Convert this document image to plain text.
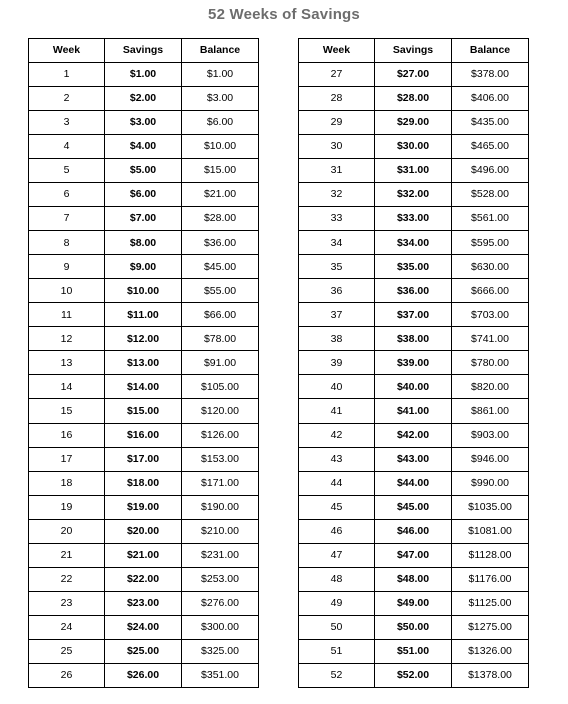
52 Weeks of Savings
Week	Savings	Balance
1	$1.00	$1.00
2	$2.00	$3.00
3	$3.00	$6.00
4	$4.00	$10.00
5	$5.00	$15.00
6	$6.00	$21.00
7	$7.00	$28.00
8	$8.00	$36.00
9	$9.00	$45.00
10	$10.00	$55.00
11	$11.00	$66.00
12	$12.00	$78.00
13	$13.00	$91.00
14	$14.00	$105.00
15	$15.00	$120.00
16	$16.00	$126.00
17	$17.00	$153.00
18	$18.00	$171.00
19	$19.00	$190.00
20	$20.00	$210.00
21	$21.00	$231.00
22	$22.00	$253.00
23	$23.00	$276.00
24	$24.00	$300.00
25	$25.00	$325.00
26	$26.00	$351.00
Week	Savings	Balance
27	$27.00	$378.00
28	$28.00	$406.00
29	$29.00	$435.00
30	$30.00	$465.00
31	$31.00	$496.00
32	$32.00	$528.00
33	$33.00	$561.00
34	$34.00	$595.00
35	$35.00	$630.00
36	$36.00	$666.00
37	$37.00	$703.00
38	$38.00	$741.00
39	$39.00	$780.00
40	$40.00	$820.00
41	$41.00	$861.00
42	$42.00	$903.00
43	$43.00	$946.00
44	$44.00	$990.00
45	$45.00	$1035.00
46	$46.00	$1081.00
47	$47.00	$1128.00
48	$48.00	$1176.00
49	$49.00	$1125.00
50	$50.00	$1275.00
51	$51.00	$1326.00
52	$52.00	$1378.00
